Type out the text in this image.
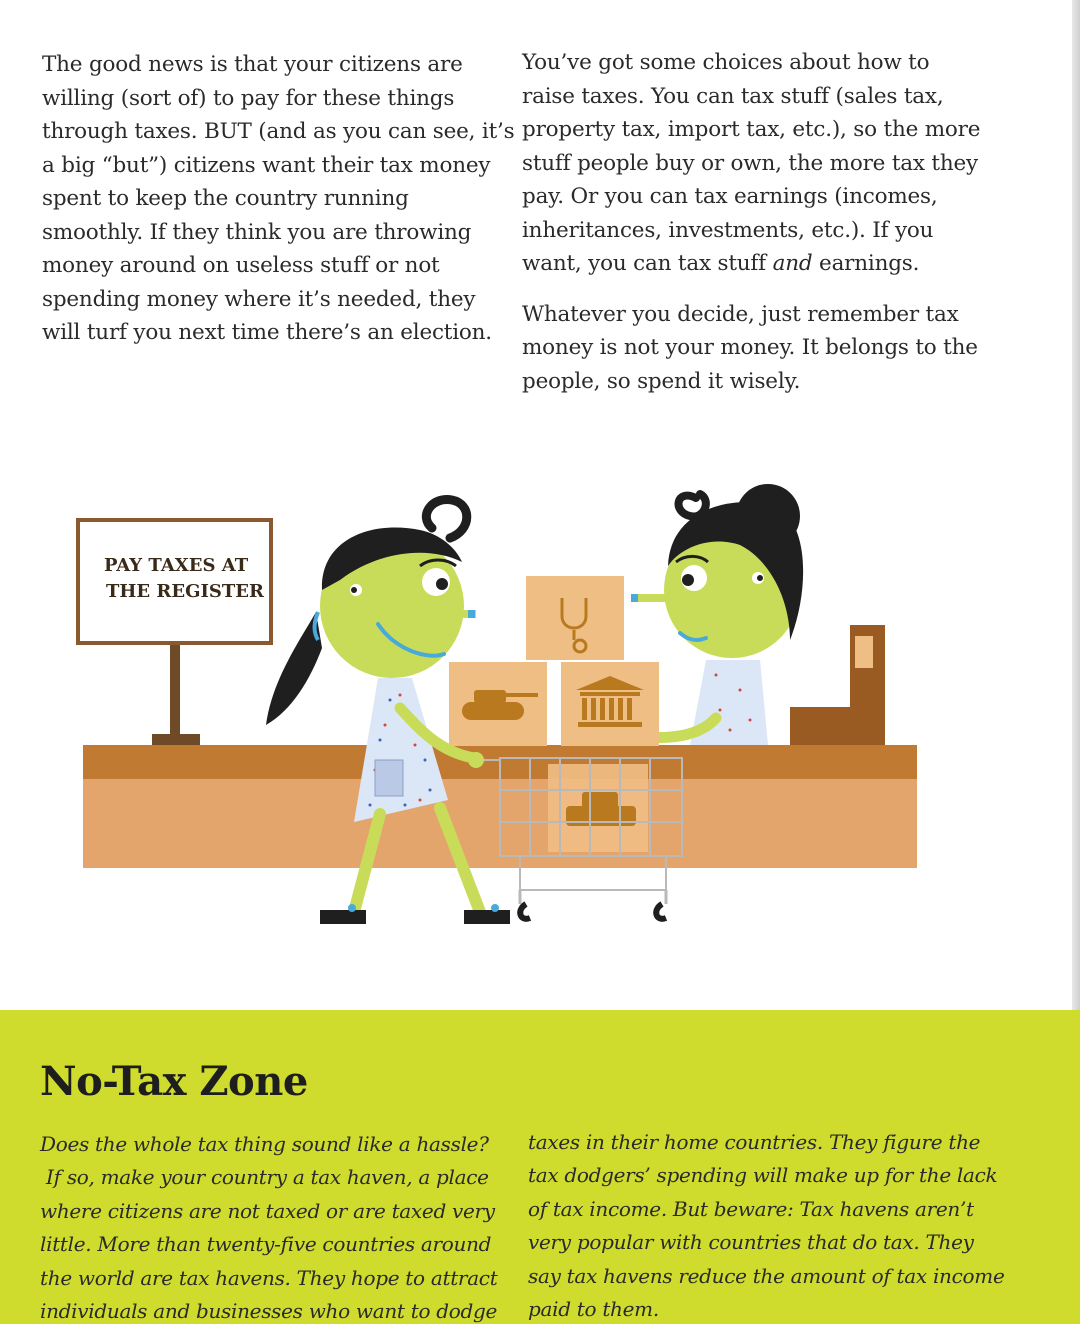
The good news is that your citizens are
willing (sort of) to pay for these things
through taxes. BUT (and as you can see, it’s
a big “but”) citizens want their tax money
spent to keep the country running
smoothly. If they think you are throwing
money around on useless stuff or not
spending money where it’s needed, they
will turf you next time there’s an election.

You’ve got some choices about how to
raise taxes. You can tax stuff (sales tax,
property tax, import tax, etc.), so the more
stuff people buy or own, the more tax they
pay. Or you can tax earnings (incomes,
inheritances, investments, etc.). If you
want, you can tax stuff and earnings.

Whatever you decide, just remember tax
money is not your money. It belongs to the
people, so spend it wisely.

PAY TAXES AT
THE REGISTER
No-Tax Zone

Does the whole tax thing sound like a hassle?
If so, make your country a tax haven, a place
where citizens are not taxed or are taxed very
little. More than twenty-five countries around
the world are tax havens. They hope to attract
individuals and businesses who want to dodge

taxes in their home countries. They figure the
tax dodgers’ spending will make up for the lack
of tax income. But beware: Tax havens aren’t
very popular with countries that do tax. They
say tax havens reduce the amount of tax income
paid to them.
